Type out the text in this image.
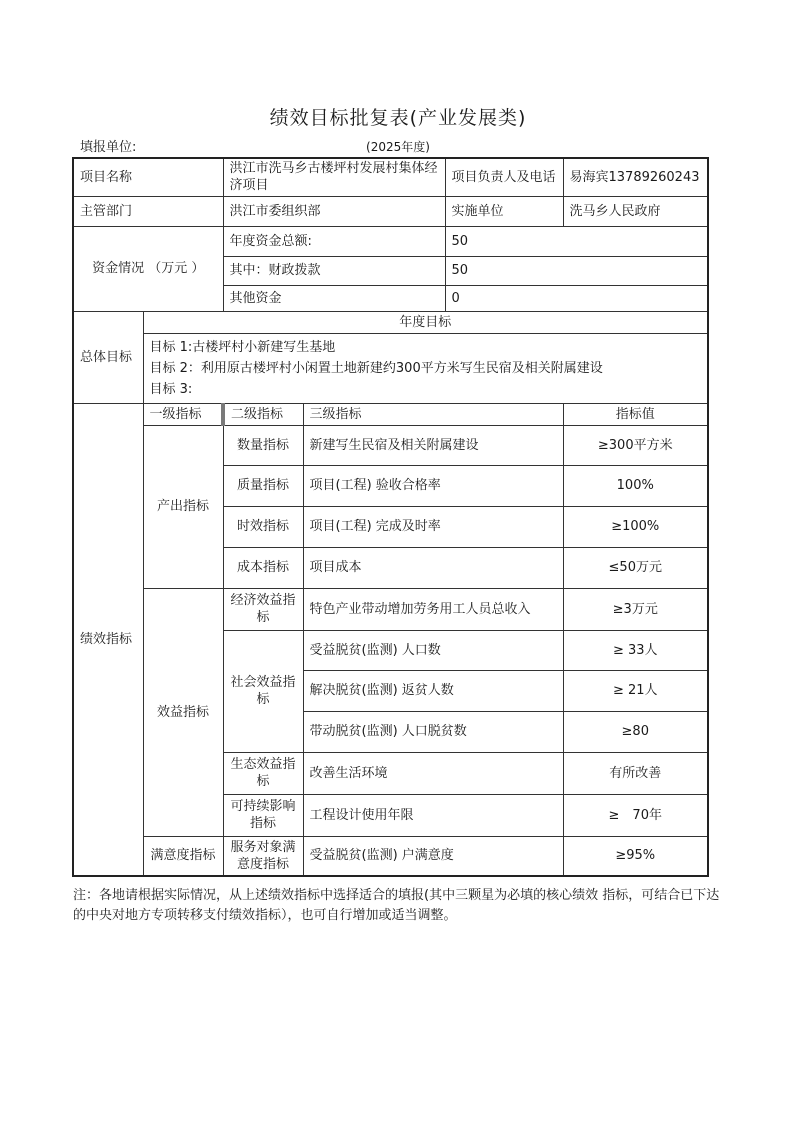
绩效目标批复表(产业发展类)
填报单位:	(2025年度)
项目名称		洪江市洗马乡古楼坪村发展村集体经济项目		项目负责人及电话	易海宾13789260243
主管部门		洪江市委组织部		实施单位	洗马乡人民政府
资金情况 （万元 ）		年度资金总额:		50	
		其中：财政拨款		50	
		其他资金		0	
总体目标	年度目标				

	目标 1:古楼坪村小新建写生基地
目标 2：利用原古楼坪村小闲置土地新建约300平方米写生民宿及相关附属建设
目标 3:				

绩效指标	一级指标	二级指标	三级指标		指标值
	产出指标	数量指标	新建写生民宿及相关附属建设		≥300平方米
		质量指标	项目(工程) 验收合格率		100%
		时效指标	项目(工程) 完成及时率		≥100%
		成本指标	项目成本		≤50万元
	效益指标	经济效益指标	特色产业带动增加劳务用工人员总收入		≥3万元
		社会效益指标	受益脱贫(监测) 人口数		≥ 33人
			解决脱贫(监测) 返贫人数		≥ 21人
			带动脱贫(监测) 人口脱贫数		≥80
		生态效益指标	改善生活环境		有所改善
		可持续影响指标	工程设计使用年限		≥　70年
	满意度指标	服务对象满意度指标	受益脱贫(监测) 户满意度		≥95%
注：各地请根据实际情况，从上述绩效指标中选择适合的填报(其中三颗星为必填的核心绩效 指标，可结合已下达的中央对地方专项转移支付绩效指标），也可自行增加或适当调整。
